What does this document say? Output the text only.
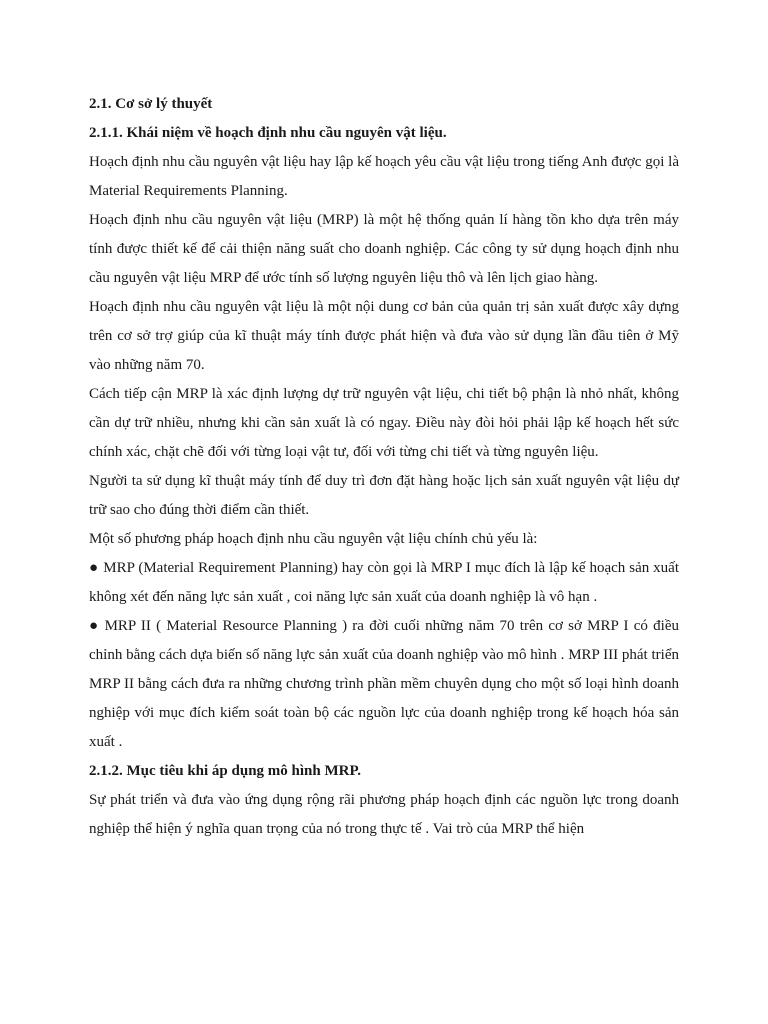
2.1. Cơ sở lý thuyết

2.1.1. Khái niệm về hoạch định nhu cầu nguyên vật liệu.

Hoạch định nhu cầu nguyên vật liệu hay lập kế hoạch yêu cầu vật liệu trong tiếng Anh được gọi là Material Requirements Planning.

Hoạch định nhu cầu nguyên vật liệu (MRP) là một hệ thống quản lí hàng tồn kho dựa trên máy tính được thiết kế để cải thiện năng suất cho doanh nghiệp. Các công ty sử dụng hoạch định nhu cầu nguyên vật liệu MRP để ước tính số lượng nguyên liệu thô và lên lịch giao hàng.

Hoạch định nhu cầu nguyên vật liệu là một nội dung cơ bản của quản trị sản xuất được xây dựng trên cơ sở trợ giúp của kĩ thuật máy tính được phát hiện và đưa vào sử dụng lần đầu tiên ở Mỹ vào những năm 70.

Cách tiếp cận MRP là xác định lượng dự trữ nguyên vật liệu, chi tiết bộ phận là nhỏ nhất, không cần dự trữ nhiều, nhưng khi cần sản xuất là có ngay. Điều này đòi hỏi phải lập kế hoạch hết sức chính xác, chặt chẽ đối với từng loại vật tư, đối với từng chi tiết và từng nguyên liệu.

Người ta sử dụng kĩ thuật máy tính để duy trì đơn đặt hàng hoặc lịch sản xuất nguyên vật liệu dự trữ sao cho đúng thời điểm cần thiết.

Một số phương pháp hoạch định nhu cầu nguyên vật liệu chính chủ yếu là:

● MRP (Material Requirement Planning) hay còn gọi là MRP I mục đích là lập kế hoạch sản xuất không xét đến năng lực sản xuất , coi năng lực sản xuất của doanh nghiệp là vô hạn .

● MRP II ( Material Resource Planning ) ra đời cuối những năm 70 trên cơ sở MRP I có điều chỉnh bằng cách dựa biến số năng lực sản xuất của doanh nghiệp vào mô hình . MRP III phát triển MRP II bằng cách đưa ra những chương trình phần mềm chuyên dụng cho một số loại hình doanh nghiệp với mục đích kiểm soát toàn bộ các nguồn lực của doanh nghiệp trong kế hoạch hóa sản xuất .

2.1.2. Mục tiêu khi áp dụng mô hình MRP.

Sự phát triển và đưa vào ứng dụng rộng rãi phương pháp hoạch định các nguồn lực trong doanh nghiệp thể hiện ý nghĩa quan trọng của nó trong thực tế . Vai trò của MRP thể hiện
